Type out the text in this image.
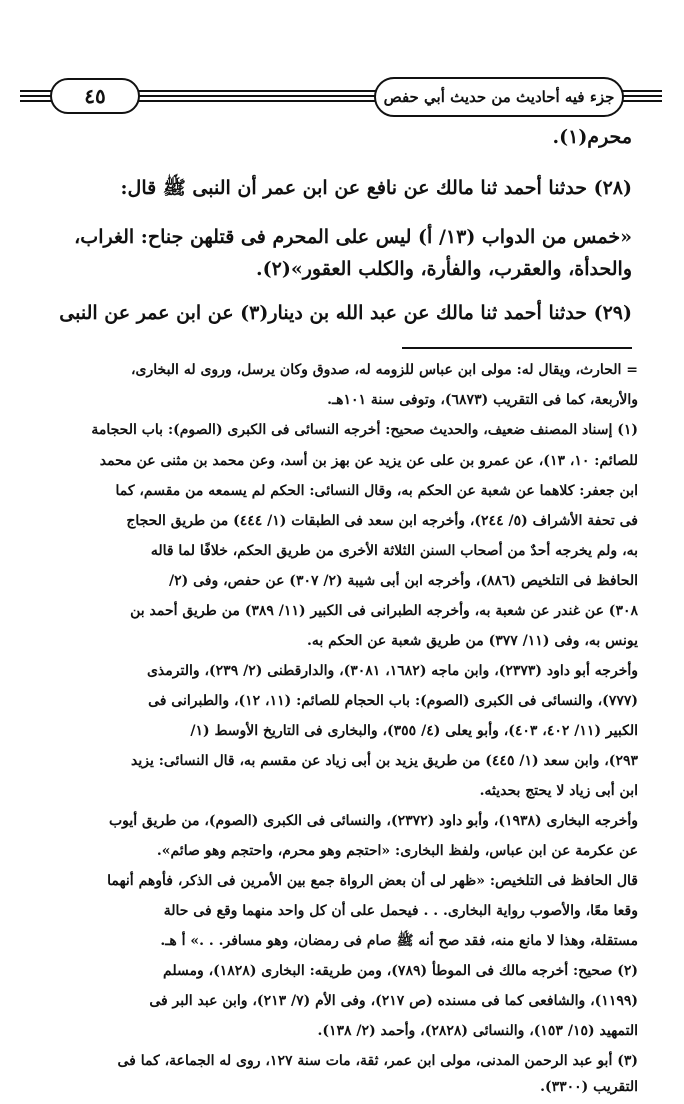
جزء فيه أحاديث من حديث أبي حفص
٤٥
محرم(١).
(٢٨) حدثنا أحمد ثنا مالك عن نافع عن ابن عمر أن النبى ﷺ قال:
«خمس من الدواب (١٣/ أ) ليس على المحرم فى قتلهن جناح: الغراب،
والحدأة، والعقرب، والفأرة، والكلب العقور»(٢).
(٢٩) حدثنا أحمد ثنا مالك عن عبد الله بن دينار(٣) عن ابن عمر عن النبى
= الحارث، ويقال له: مولى ابن عباس للزومه له، صدوق وكان يرسل، وروى له البخارى،
والأربعة، كما فى التقريب (٦٨٧٣)، وتوفى سنة ١٠١هـ.
(١) إسناد المصنف ضعيف، والحديث صحيح: أخرجه النسائى فى الكبرى (الصوم): باب الحجامة
للصائم: ١٠، ١٣)، عن عمرو بن على عن يزيد عن بهز بن أسد، وعن محمد بن مثنى عن محمد
ابن جعفر: كلاهما عن شعبة عن الحكم به، وقال النسائى: الحكم لم يسمعه من مقسم، كما
فى تحفة الأشراف (٥/ ٢٤٤)، وأخرجه ابن سعد فى الطبقات (١/ ٤٤٤) من طريق الحجاج
به، ولم يخرجه أحدٌ من أصحاب السنن الثلاثة الأخرى من طريق الحكم، خلافًا لما قاله
الحافظ فى التلخيص (٨٨٦)، وأخرجه ابن أبى شيبة (٢/ ٣٠٧) عن حفص، وفى (٢/
٣٠٨) عن غندر عن شعبة به، وأخرجه الطبرانى فى الكبير (١١/ ٣٨٩) من طريق أحمد بن
يونس به، وفى (١١/ ٣٧٧) من طريق شعبة عن الحكم به.
وأخرجه أبو داود (٢٣٧٣)، وابن ماجه (١٦٨٢، ٣٠٨١)، والدارقطنى (٢/ ٢٣٩)، والترمذى
(٧٧٧)، والنسائى فى الكبرى (الصوم): باب الحجام للصائم: (١١، ١٢)، والطبرانى فى
الكبير (١١/ ٤٠٢، ٤٠٣)، وأبو يعلى (٤/ ٣٥٥)، والبخارى فى التاريخ الأوسط (١/
٢٩٣)، وابن سعد (١/ ٤٤٥) من طريق يزيد بن أبى زياد عن مقسم به، قال النسائى: يزيد
ابن أبى زياد لا يحتج بحديثه.
وأخرجه البخارى (١٩٣٨)، وأبو داود (٢٣٧٢)، والنسائى فى الكبرى (الصوم)، من طريق أيوب
عن عكرمة عن ابن عباس، ولفظ البخارى: «احتجم وهو محرم، واحتجم وهو صائم».
قال الحافظ فى التلخيص: «ظهر لى أن بعض الرواة جمع بين الأمرين فى الذكر، فأوهم أنهما
وقعا معًا، والأصوب رواية البخارى. . . فيحمل على أن كل واحد منهما وقع فى حالة
مستقلة، وهذا لا مانع منه، فقد صح أنه ﷺ صام فى رمضان، وهو مسافر. . .» أ هـ.
(٢) صحيح: أخرجه مالك فى الموطأ (٧٨٩)، ومن طريقه: البخارى (١٨٢٨)، ومسلم
(١١٩٩)، والشافعى كما فى مسنده (ص ٢١٧)، وفى الأم (٧/ ٢١٣)، وابن عبد البر فى
التمهيد (١٥/ ١٥٣)، والنسائى (٢٨٢٨)، وأحمد (٢/ ١٣٨).
(٣) أبو عبد الرحمن المدنى، مولى ابن عمر، ثقة، مات سنة ١٢٧، روى له الجماعة، كما فى
التقريب (٣٣٠٠).
